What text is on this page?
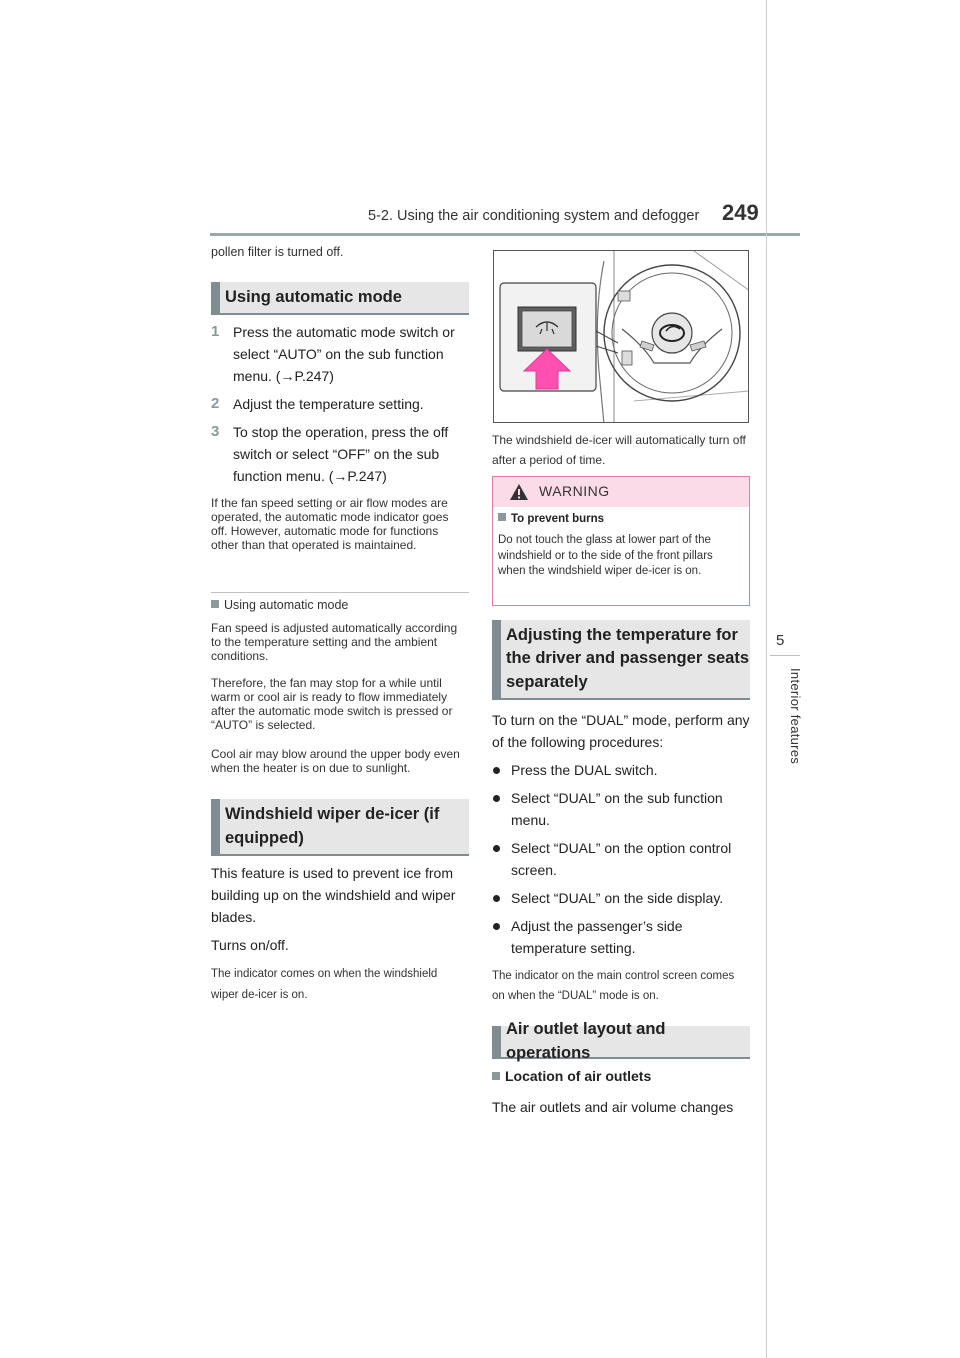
5-2. Using the air conditioning system and defogger 249
5
Interior features
pollen filter is turned off.
Using automatic mode
1 Press the automatic mode switch or select “AUTO” on the sub function menu. (→P.247)
2 Adjust the temperature setting.
3 To stop the operation, press the off switch or select “OFF” on the sub function menu. (→P.247)
If the fan speed setting or air flow modes are operated, the automatic mode indicator goes off. However, automatic mode for functions other than that operated is maintained.
Using automatic mode
Fan speed is adjusted automatically according to the temperature setting and the ambient conditions.
Therefore, the fan may stop for a while until warm or cool air is ready to flow immediately after the automatic mode switch is pressed or “AUTO” is selected.
Cool air may blow around the upper body even when the heater is on due to sunlight.
Windshield wiper de-icer (if
equipped)
This feature is used to prevent ice from building up on the windshield and wiper blades.
Turns on/off.
The indicator comes on when the windshield wiper de-icer is on.
The windshield de-icer will automatically turn off after a period of time.
WARNING
To prevent burns
Do not touch the glass at lower part of the windshield or to the side of the front pillars when the windshield wiper de-icer is on.
Adjusting the temperature for
the driver and passenger seats
separately
To turn on the “DUAL” mode, perform any of the following procedures:
Press the DUAL switch.
Select “DUAL” on the sub function menu.
Select “DUAL” on the option control screen.
Select “DUAL” on the side display.
Adjust the passenger’s side temperature setting.
The indicator on the main control screen comes on when the “DUAL” mode is on.
Air outlet layout and operations
Location of air outlets
The air outlets and air volume changes
